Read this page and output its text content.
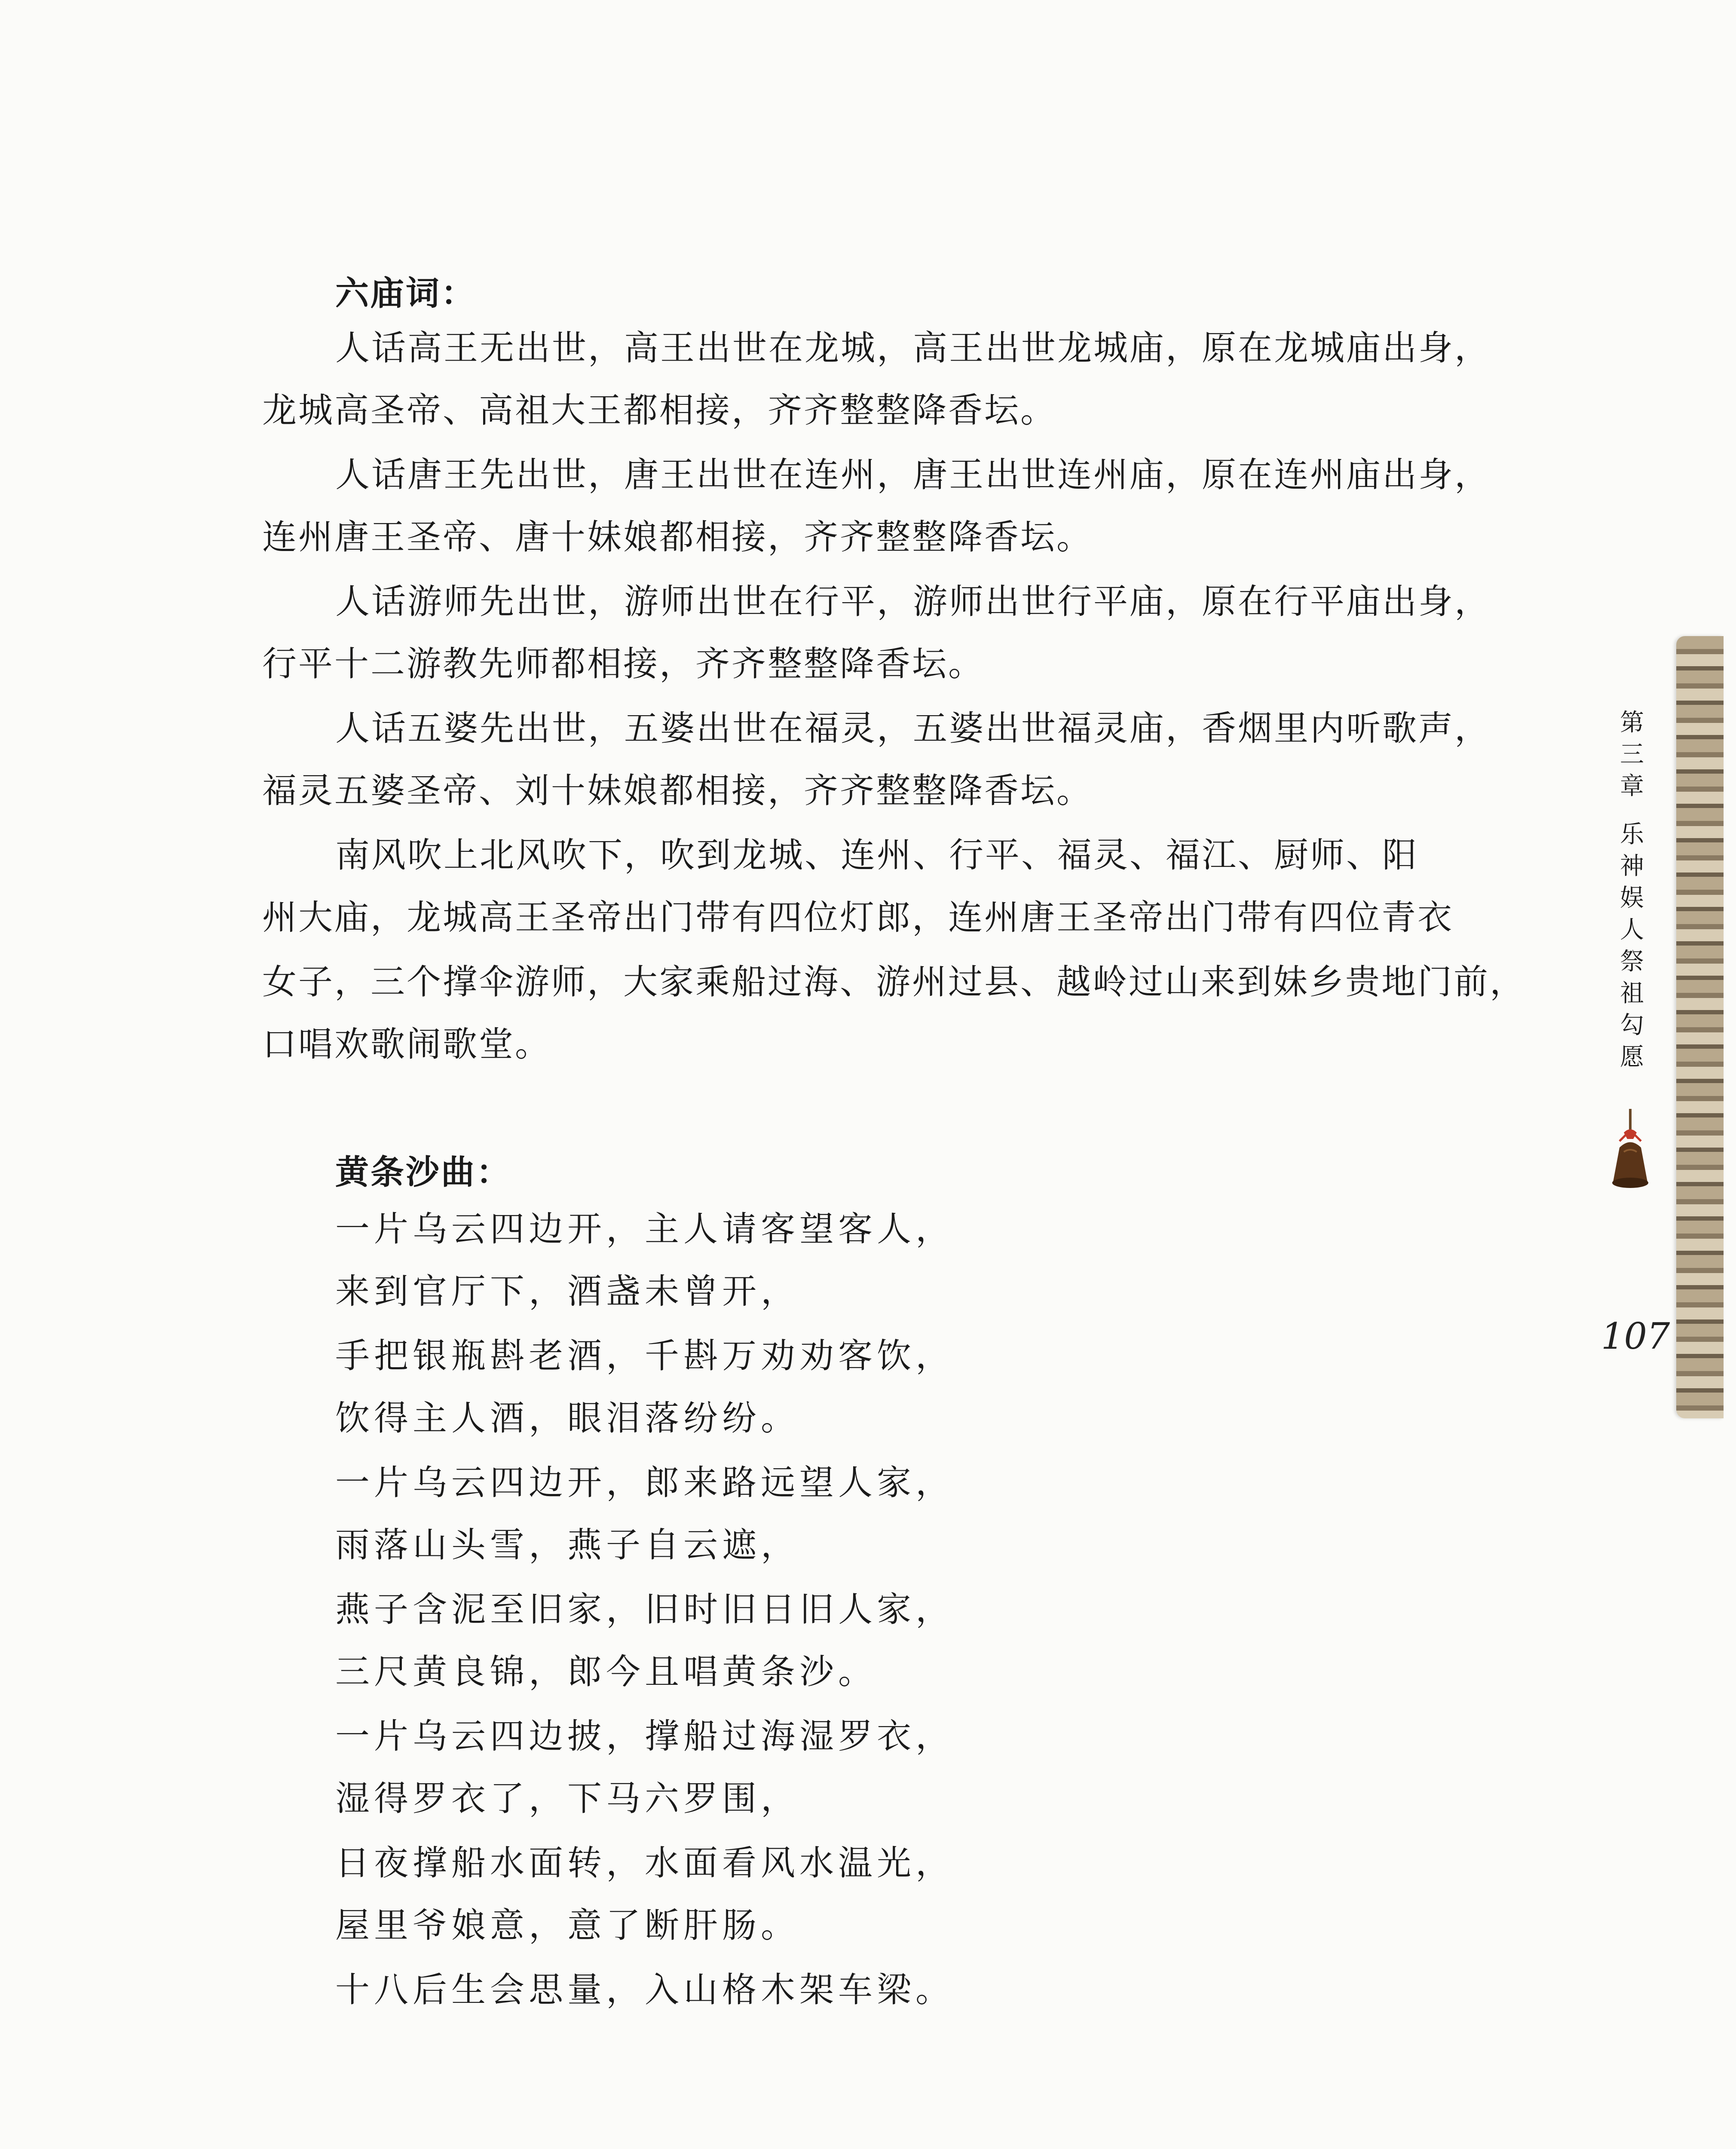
六庙词：
人话高王无出世，高王出世在龙城，高王出世龙城庙，原在龙城庙出身，
龙城高圣帝、高祖大王都相接，齐齐整整降香坛。
人话唐王先出世，唐王出世在连州，唐王出世连州庙，原在连州庙出身，
连州唐王圣帝、唐十妹娘都相接，齐齐整整降香坛。
人话游师先出世，游师出世在行平，游师出世行平庙，原在行平庙出身，
行平十二游教先师都相接，齐齐整整降香坛。
人话五婆先出世，五婆出世在福灵，五婆出世福灵庙，香烟里内听歌声，
福灵五婆圣帝、刘十妹娘都相接，齐齐整整降香坛。
南风吹上北风吹下，吹到龙城、连州、行平、福灵、福江、厨师、阳
州大庙，龙城高王圣帝出门带有四位灯郎，连州唐王圣帝出门带有四位青衣
女子，三个撑伞游师，大家乘船过海、游州过县、越岭过山来到妹乡贵地门前，
口唱欢歌闹歌堂。
黄条沙曲：
一片乌云四边开，主人请客望客人，
来到官厅下，酒盏未曾开，
手把银瓶斟老酒，千斟万劝劝客饮，
饮得主人酒，眼泪落纷纷。
一片乌云四边开，郎来路远望人家，
雨落山头雪，燕子自云遮，
燕子含泥至旧家，旧时旧日旧人家，
三尺黄良锦，郎今且唱黄条沙。
一片乌云四边披，撑船过海湿罗衣，
湿得罗衣了，下马六罗围，
日夜撑船水面转，水面看风水温光，
屋里爷娘意，意了断肝肠。
十八后生会思量，入山格木架车梁。
第
三
章
乐
神
娱
人
祭
祖
勾
愿
107
